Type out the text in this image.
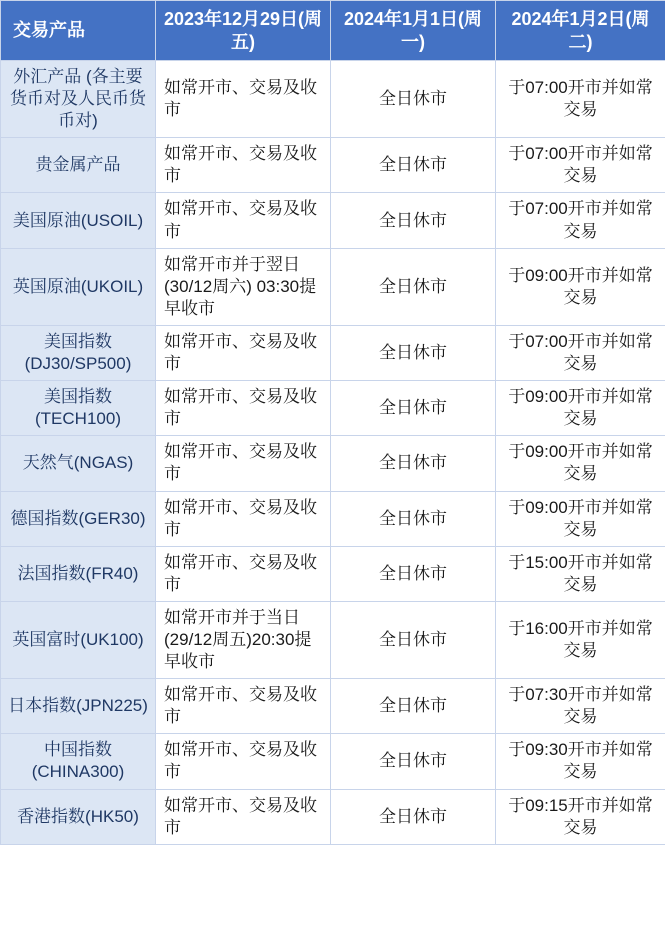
交易产品	2023年12月29日(周五)	2024年1月1日(周一)	2024年1月2日(周二)
外汇产品 (各主要货币对及人民币货币对)	如常开市、交易及收市	全日休市	于07:00开市并如常交易
贵金属产品	如常开市、交易及收市	全日休市	于07:00开市并如常交易
美国原油(USOIL)	如常开市、交易及收市	全日休市	于07:00开市并如常交易
英国原油(UKOIL)	如常开市并于翌日(30/12周六) 03:30提早收市	全日休市	于09:00开市并如常交易
美国指数(DJ30/SP500)	如常开市、交易及收市	全日休市	于07:00开市并如常交易
美国指数(TECH100)	如常开市、交易及收市	全日休市	于09:00开市并如常交易
天然气(NGAS)	如常开市、交易及收市	全日休市	于09:00开市并如常交易
德国指数(GER30)	如常开市、交易及收市	全日休市	于09:00开市并如常交易
法国指数(FR40)	如常开市、交易及收市	全日休市	于15:00开市并如常交易
英国富时(UK100)	如常开市并于当日(29/12周五)20:30提早收市	全日休市	于16:00开市并如常交易
日本指数(JPN225)	如常开市、交易及收市	全日休市	于07:30开市并如常交易
中国指数(CHINA300)	如常开市、交易及收市	全日休市	于09:30开市并如常交易
香港指数(HK50)	如常开市、交易及收市	全日休市	于09:15开市并如常交易
